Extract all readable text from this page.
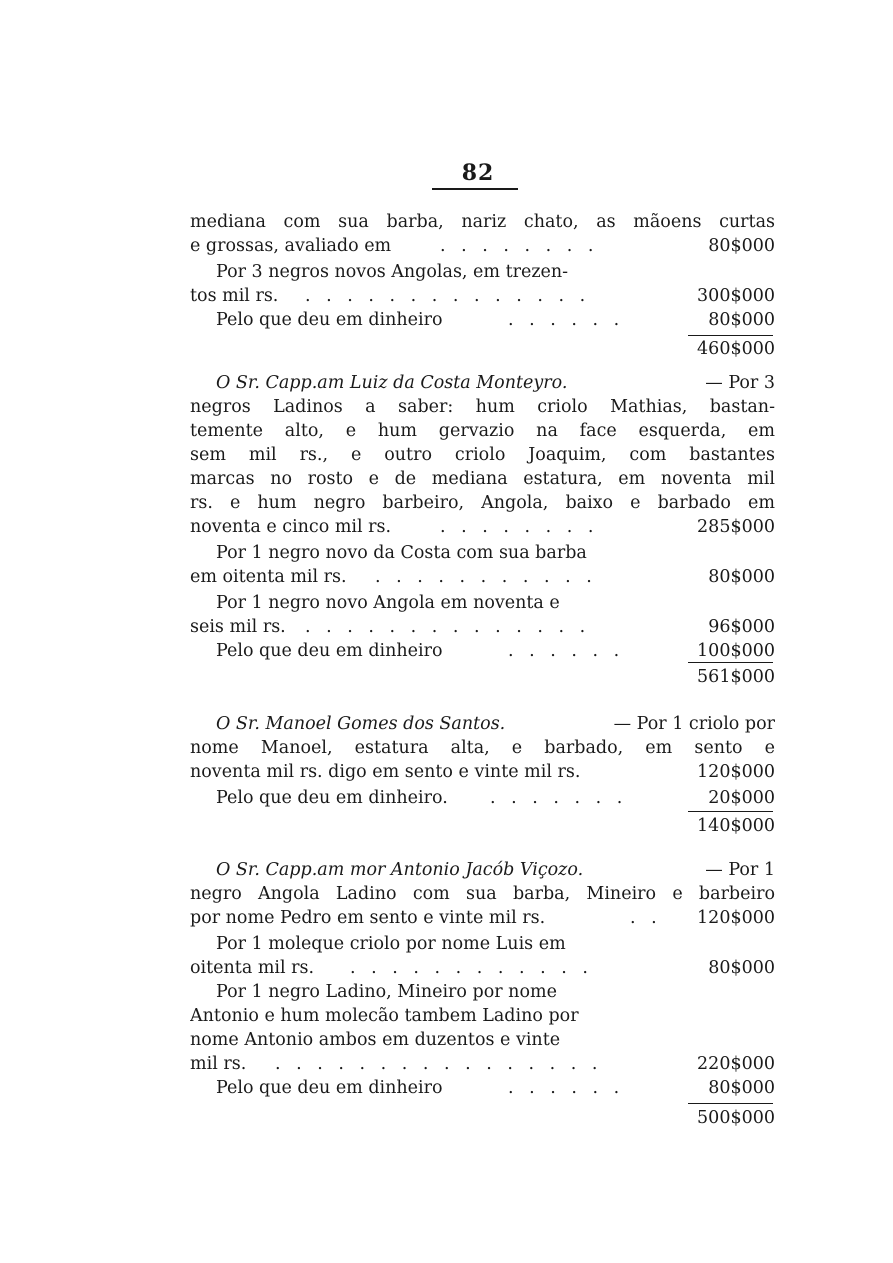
82
mediana com sua barba, nariz chato, as mãoens curtas
e grossas, avaliado em	. . . . . . . .	80$000
Por 3 negros novos Angolas, em trezen-
tos mil rs. . . . . . . . . . . . . . .	300$000
Pelo que deu em dinheiro	. . . . . .	80$000
460$000
O Sr. Capp.am Luiz da Costa Monteyro.	— Por 3
negros Ladinos a saber: hum criolo Mathias, bastan-
temente alto, e hum gervazio na face esquerda, em
sem mil rs., e outro criolo Joaquim, com bastantes
marcas no rosto e de mediana estatura, em noventa mil
rs. e hum negro barbeiro, Angola, baixo e barbado em
noventa e cinco mil rs.	. . . . . . . .	285$000
Por 1 negro novo da Costa com sua barba
em oitenta mil rs. . . . . . . . . . . .	80$000
Por 1 negro novo Angola em noventa e
seis mil rs. . . . . . . . . . . . . . .	96$000
Pelo que deu em dinheiro	. . . . . .	100$000
561$000
O Sr. Manoel Gomes dos Santos.	— Por 1 criolo por
nome Manoel, estatura alta, e barbado, em sento e
noventa mil rs. digo em sento e vinte mil rs.	120$000
Pelo que deu em dinheiro. . . . . . . .	20$000
140$000
O Sr. Capp.am mor Antonio Jacób Viçozo.	— Por 1
negro Angola Ladino com sua barba, Mineiro e barbeiro
por nome Pedro em sento e vinte mil rs.	. . 120$000
Por 1 moleque criolo por nome Luis em
oitenta mil rs. . . . . . . . . . . . .	80$000
Por 1 negro Ladino, Mineiro por nome
Antonio e hum molecão tambem Ladino por
nome Antonio ambos em duzentos e vinte
mil rs. . . . . . . . . . . . . . . . .	220$000
Pelo que deu em dinheiro	. . . . . .	80$000
500$000
